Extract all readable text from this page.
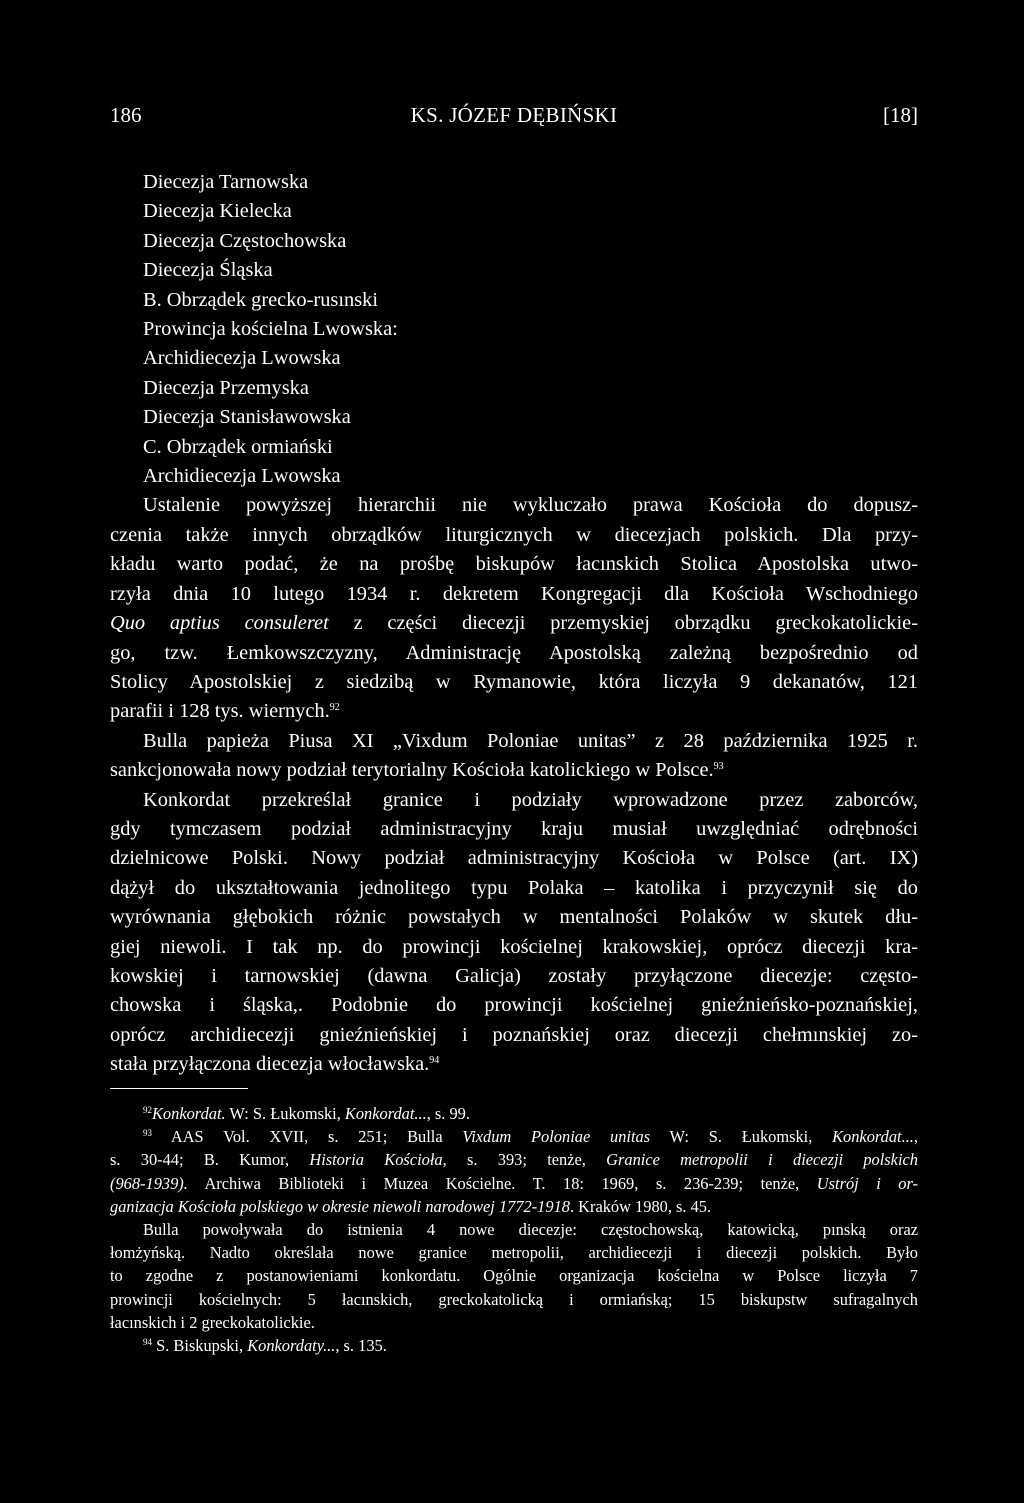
186	KS. JÓZEF DĘBIŃSKI	[18]
Diecezja Tarnowska
Diecezja Kielecka
Diecezja Częstochowska
Diecezja Śląska
B. Obrządek grecko-rusınski
Prowincja kościelna Lwowska:
Archidiecezja Lwowska
Diecezja Przemyska
Diecezja Stanisławowska
C. Obrządek ormiański
Archidiecezja Lwowska
Ustalenie powyższej hierarchii nie wykluczało prawa Kościoła do dopusz-
czenia także innych obrządków liturgicznych w diecezjach polskich. Dla przy-
kładu warto podać, że na prośbę biskupów łacınskich Stolica Apostolska utwo-
rzyła dnia 10 lutego 1934 r. dekretem Kongregacji dla Kościoła Wschodniego
Quo aptius consuleret z części diecezji przemyskiej obrządku greckokatolickie-
go, tzw. Łemkowszczyzny, Administrację Apostolską zależną bezpośrednio od
Stolicy Apostolskiej z siedzibą w Rymanowie, która liczyła 9 dekanatów, 121
parafii i 128 tys. wiernych.$^{92}$
Bulla papieża Piusa XI „Vixdum Poloniae unitas” z 28 października 1925 r.
sankcjonowała nowy podział terytorialny Kościoła katolickiego w Polsce.$^{93}$
Konkordat przekreślał granice i podziały wprowadzone przez zaborców,
gdy tymczasem podział administracyjny kraju musiał uwzględniać odrębności
dzielnicowe Polski. Nowy podział administracyjny Kościoła w Polsce (art. IX)
dążył do ukształtowania jednolitego typu Polaka – katolika i przyczynił się do
wyrównania głębokich różnic powstałych w mentalności Polaków w skutek dłu-
giej niewoli. I tak np. do prowincji kościelnej krakowskiej, oprócz diecezji kra-
kowskiej i tarnowskiej (dawna Galicja) zostały przyłączone diecezje: często-
chowska i śląska,. Podobnie do prowincji kościelnej gnieźnieńsko-poznańskiej,
oprócz archidiecezji gnieźnieńskiej i poznańskiej oraz diecezji chełmınskiej zo-
stała przyłączona diecezja włocławska.$^{94}$
$^{92}$Konkordat. W: S. Łukomski, Konkordat..., s. 99.
$^{93}$ AAS Vol. XVII, s. 251; Bulla Vixdum Poloniae unitas W: S. Łukomski, Konkordat...,
s. 30-44; B. Kumor, Historia Kościoła, s. 393; tenże, Granice metropolii i diecezji polskich
(968-1939). Archiwa Biblioteki i Muzea Kościelne. T. 18: 1969, s. 236-239; tenże, Ustrój i or-
ganizacja Kościoła polskiego w okresie niewoli narodowej 1772-1918. Kraków 1980, s. 45.
Bulla powoływała do istnienia 4 nowe diecezje: częstochowską, katowicką, pınską oraz
łomżyńską. Nadto określała nowe granice metropolii, archidiecezji i diecezji polskich. Było
to zgodne z postanowieniami konkordatu. Ogólnie organizacja kościelna w Polsce liczyła 7
prowincji kościelnych: 5 łacınskich, greckokatolicką i ormiańską; 15 biskupstw sufragalnych
łacınskich i 2 greckokatolickie.
$^{94}$ S. Biskupski, Konkordaty..., s. 135.
